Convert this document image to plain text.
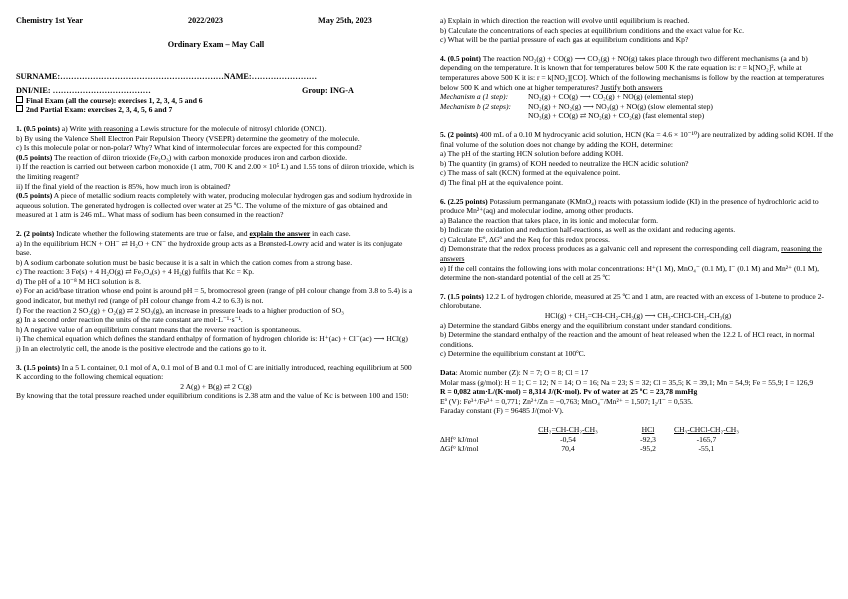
Chemistry 1st Year	2022/2023	May 25th, 2023

Ordinary Exam – May Call

SURNAME:……………………………………………………NAME:……………………

DNI/NIE: ………………………………	Group: ING-A

Final Exam (all the course): exercises 1, 2, 3, 4, 5 and 6

2nd Partial Exam: exercises 2, 3, 4, 5, 6 and 7

1. (0.5 points) a) Write with reasoning a Lewis structure for the molecule of nitrosyl chloride (ONCl).

b) By using the Valence Shell Electron Pair Repulsion Theory (VSEPR) determine the geometry of the molecule.

c) Is this molecule polar or non-polar? Why? What kind of intermolecular forces are expected for this compound?

(0.5 points) The reaction of diiron trioxide (Fe₂O₃) with carbon monoxide produces iron and carbon dioxide.

i) If the reaction is carried out between carbon monoxide (1 atm, 700 K and 2.00 × 10⁵ L) and 1.55 tons of diiron trioxide, which is the limiting reagent?

ii) If the final yield of the reaction is 85%, how much iron is obtained?

(0.5 points) A piece of metallic sodium reacts completely with water, producing molecular hydrogen gas and sodium hydroxide in aqueous solution. The generated hydrogen is collected over water at 25 ºC. The volume of the mixture of gas obtained and measured at 1 atm is 246 mL. What mass of sodium has been consumed in the reaction?

2. (2 points) Indicate whether the following statements are true or false, and explain the answer in each case.

a) In the equilibrium HCN + OH⁻ ⇄ H₂O + CN⁻ the hydroxide group acts as a Brønsted-Lowry acid and water is its conjugate base.

b) A sodium carbonate solution must be basic because it is a salt in which the cation comes from a strong base.

c) The reaction: 3 Fe(s) + 4 H₂O(g) ⇄ Fe₃O₄(s) + 4 H₂(g) fulfils that Kc = Kp.

d) The pH of a 10⁻⁸ M HCl solution is 8.

e) For an acid/base titration whose end point is around pH = 5, bromocresol green (range of pH colour change from 3.8 to 5.4) is a good indicator, but methyl red (range of pH colour change from 4.2 to 6.3) is not.

f) For the reaction 2 SO₂(g) + O₂(g) ⇄ 2 SO₃(g), an increase in pressure leads to a higher production of SO₃

g) In a second order reaction the units of the rate constant are mol·L⁻¹·s⁻¹.

h) A negative value of an equilibrium constant means that the reverse reaction is spontaneous.

i) The chemical equation which defines the standard enthalpy of formation of hydrogen chloride is: H⁺(ac) + Cl⁻(ac) ⟶ HCl(g)

j) In an electrolytic cell, the anode is the positive electrode and the cations go to it.

3. (1.5 points) In a 5 L container, 0.1 mol of A, 0.1 mol of B and 0.1 mol of C are initially introduced, reaching equilibrium at 500 K according to the following chemical equation:

2 A(g) + B(g) ⇄ 2 C(g)

By knowing that the total pressure reached under equilibrium conditions is 2.38 atm and the value of Kc is between 100 and 150:

a) Explain in which direction the reaction will evolve until equilibrium is reached.

b) Calculate the concentrations of each species at equilibrium conditions and the exact value for Kc.

c) What will be the partial pressure of each gas at equilibrium conditions and Kp?

4. (0.5 point) The reaction NO₂(g) + CO(g) ⟶ CO₂(g) + NO(g) takes place through two different mechanisms (a and b) depending on the temperature. It is known that for temperatures below 500 K the rate equation is: r = k[NO₂]², while at temperatures above 500 K it is: r = k[NO₂][CO]. Which of the following mechanisms is follow by the reaction at temperatures below 500 K and which one at higher temperatures? Justify both answers

Mechanism a (1 step):	NO₂(g) + CO(g) ⟶ CO₂(g) + NO(g) (elemental step)
Mechanism b (2 steps):	NO₂(g) + NO₂(g) ⟶ NO₃(g) + NO(g) (slow elemental step)

NO₃(g) + CO(g) ⇄ NO₂(g) + CO₂(g) (fast elemental step)

5. (2 points) 400 mL of a 0.10 M hydrocyanic acid solution, HCN (Ka = 4.6 × 10⁻¹⁰) are neutralized by adding solid KOH. If the final volume of the solution does not change by adding the KOH, determine:

a) The pH of the starting HCN solution before adding KOH.

b) The quantity (in grams) of KOH needed to neutralize the HCN acidic solution?

c) The mass of salt (KCN) formed at the equivalence point.

d) The final pH at the equivalence point.

6. (2.25 points) Potassium permanganate (KMnO₄) reacts with potassium iodide (KI) in the presence of hydrochloric acid to produce Mn²⁺(aq) and molecular iodine, among other products.

a) Balance the reaction that takes place, in its ionic and molecular form.

b) Indicate the oxidation and reduction half-reactions, as well as the oxidant and reducing agents.

c) Calculate Eº, ΔGº and the Keq for this redox process.

d) Demonstrate that the redox process produces as a galvanic cell and represent the corresponding cell diagram, reasoning the answers

e) If the cell contains the following ions with molar concentrations: H⁺(1 M), MnO₄⁻ (0.1 M), I⁻ (0.1 M) and Mn²⁺ (0.1 M), determine the non-standard potential of the cell at 25 ºC

7. (1.5 points) 12.2 L of hydrogen chloride, measured at 25 ºC and 1 atm, are reacted with an excess of 1-butene to produce 2-chlorobutane.

HCl(g) + CH₂=CH-CH₂-CH₃(g) ⟶ CH₃-CHCl-CH₂-CH₃(g)

a) Determine the standard Gibbs energy and the equilibrium constant under standard conditions.

b) Determine the standard enthalpy of the reaction and the amount of heat released when the 12.2 L of HCl react, in normal conditions.

c) Determine the equilibrium constant at 100ºC.

Data: Atomic number (Z): N = 7; O = 8; Cl = 17

Molar mass (g/mol): H = 1; C = 12; N = 14; O = 16; Na = 23; S = 32; Cl = 35,5; K = 39,1; Mn = 54,9; Fe = 55,9; I = 126,9

R = 0,082 atm·L/(K·mol) = 8,314 J/(K·mol). Pv of water at 25 ºC = 23,78 mmHg

Eº (V): Fe³⁺/Fe²⁺ = 0,771; Zn²⁺/Zn = −0,763; MnO₄⁻/Mn²⁺ = 1,507; I₂/I⁻ = 0,535.

Faraday constant (F) = 96485 J/(mol·V).

	CH₂=CH-CH₂-CH₃	HCl	CH₃-CHCl-CH₂-CH₃
ΔHf° kJ/mol	-0,54	-92,3	-165,7
ΔGf° kJ/mol	70,4	-95,2	-55,1
